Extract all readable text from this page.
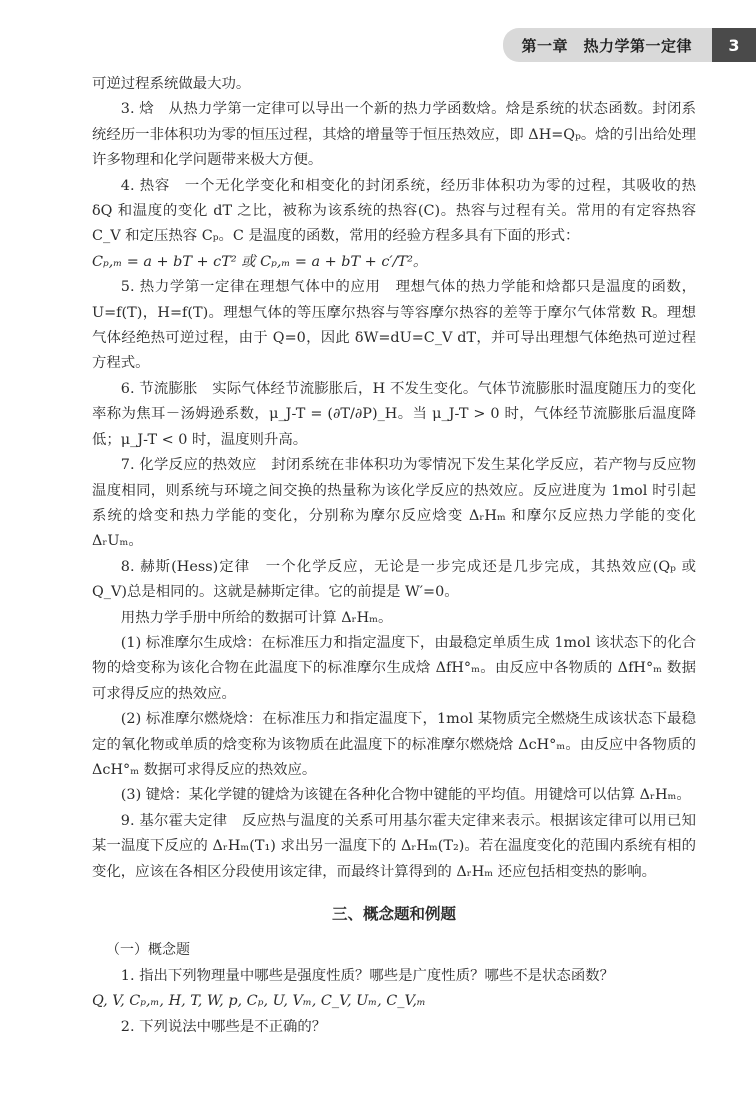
第一章　热力学第一定律	3

可逆过程系统做最大功。

3. 焓　从热力学第一定律可以导出一个新的热力学函数焓。焓是系统的状态函数。封闭系统经历一非体积功为零的恒压过程，其焓的增量等于恒压热效应，即 ΔH=Qₚ。焓的引出给处理许多物理和化学问题带来极大方便。

4. 热容　一个无化学变化和相变化的封闭系统，经历非体积功为零的过程，其吸收的热 δQ 和温度的变化 dT 之比，被称为该系统的热容(C)。热容与过程有关。常用的有定容热容 C_V 和定压热容 Cₚ。C 是温度的函数，常用的经验方程多具有下面的形式：

Cₚ,ₘ = a + bT + cT² 或 Cₚ,ₘ = a + bT + c′/T²。

5. 热力学第一定律在理想气体中的应用　理想气体的热力学能和焓都只是温度的函数，U=f(T)，H=f(T)。理想气体的等压摩尔热容与等容摩尔热容的差等于摩尔气体常数 R。理想气体经绝热可逆过程，由于 Q=0，因此 δW=dU=C_V dT，并可导出理想气体绝热可逆过程方程式。

6. 节流膨胀　实际气体经节流膨胀后，H 不发生变化。气体节流膨胀时温度随压力的变化率称为焦耳－汤姆逊系数，μ_J-T = (∂T/∂P)_H。当 μ_J-T > 0 时，气体经节流膨胀后温度降低；μ_J-T < 0 时，温度则升高。

7. 化学反应的热效应　封闭系统在非体积功为零情况下发生某化学反应，若产物与反应物温度相同，则系统与环境之间交换的热量称为该化学反应的热效应。反应进度为 1mol 时引起系统的焓变和热力学能的变化，分别称为摩尔反应焓变 ΔᵣHₘ 和摩尔反应热力学能的变化 ΔᵣUₘ。

8. 赫斯(Hess)定律　一个化学反应，无论是一步完成还是几步完成，其热效应(Qₚ 或 Q_V)总是相同的。这就是赫斯定律。它的前提是 W′=0。

用热力学手册中所给的数据可计算 ΔᵣHₘ。

(1) 标准摩尔生成焓：在标准压力和指定温度下，由最稳定单质生成 1mol 该状态下的化合物的焓变称为该化合物在此温度下的标准摩尔生成焓 ΔfH°ₘ。由反应中各物质的 ΔfH°ₘ 数据可求得反应的热效应。

(2) 标准摩尔燃烧焓：在标准压力和指定温度下，1mol 某物质完全燃烧生成该状态下最稳定的氧化物或单质的焓变称为该物质在此温度下的标准摩尔燃烧焓 ΔcH°ₘ。由反应中各物质的 ΔcH°ₘ 数据可求得反应的热效应。

(3) 键焓：某化学键的键焓为该键在各种化合物中键能的平均值。用键焓可以估算 ΔᵣHₘ。

9. 基尔霍夫定律　反应热与温度的关系可用基尔霍夫定律来表示。根据该定律可以用已知某一温度下反应的 ΔᵣHₘ(T₁) 求出另一温度下的 ΔᵣHₘ(T₂)。若在温度变化的范围内系统有相的变化，应该在各相区分段使用该定律，而最终计算得到的 ΔᵣHₘ 还应包括相变热的影响。

三、概念题和例题
（一）概念题

1. 指出下列物理量中哪些是强度性质？哪些是广度性质？哪些不是状态函数？

Q, V, Cₚ,ₘ, H, T, W, p, Cₚ, U, Vₘ, C_V, Uₘ, C_V,ₘ

2. 下列说法中哪些是不正确的？
